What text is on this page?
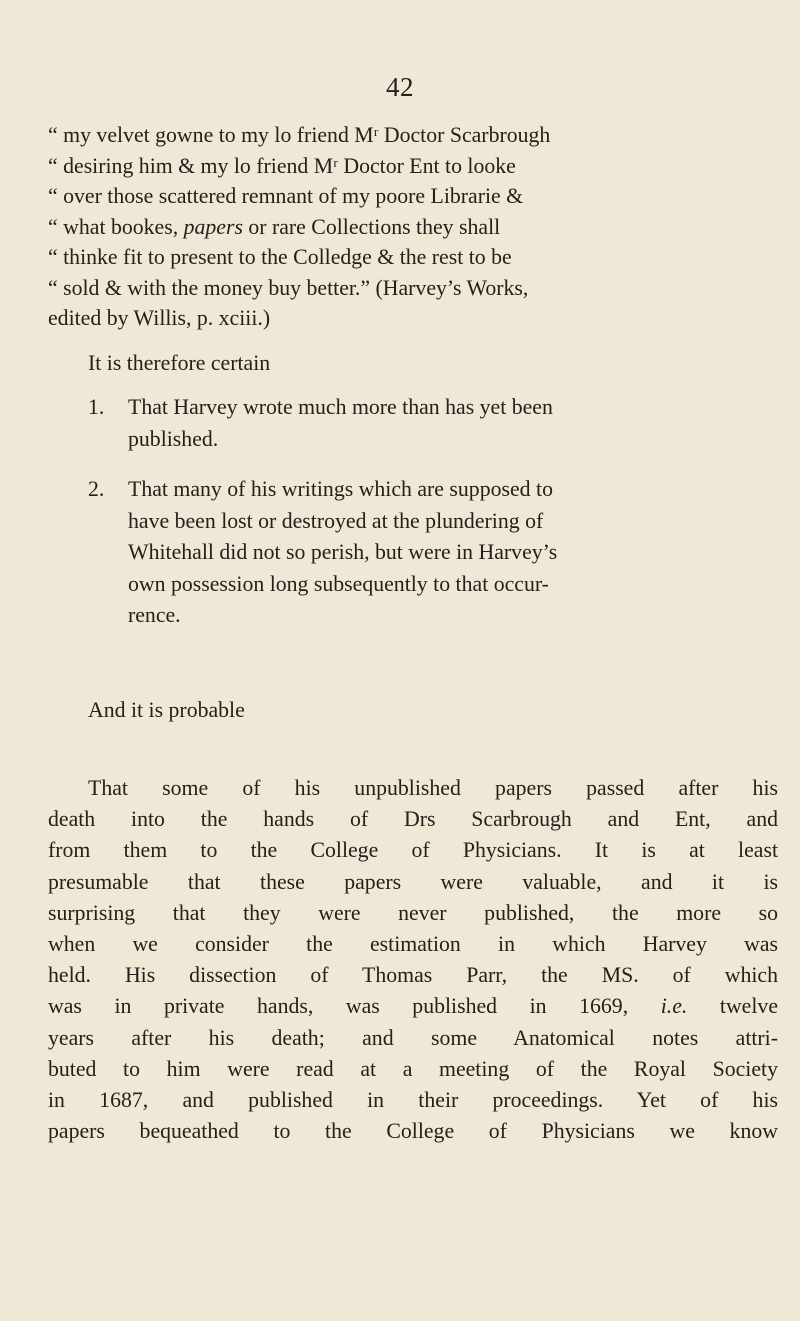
42
“ my velvet gowne to my lo friend Mʳ Doctor Scarbrough
“ desiring him & my lo friend Mʳ Doctor Ent to looke
“ over those scattered remnant of my poore Librarie &
“ what bookes, papers or rare Collections they shall
“ thinke fit to present to the Colledge & the rest to be
“ sold & with the money buy better.” (Harvey’s Works,
edited by Willis, p. xciii.)
It is therefore certain
1. That Harvey wrote much more than has yet been
published.
2. That many of his writings which are supposed to
have been lost or destroyed at the plundering of
Whitehall did not so perish, but were in Harvey’s
own possession long subsequently to that occur-
rence.
And it is probable
That some of his unpublished papers passed after his
death into the hands of Drs Scarbrough and Ent, and
from them to the College of Physicians. It is at least
presumable that these papers were valuable, and it is
surprising that they were never published, the more so
when we consider the estimation in which Harvey was
held. His dissection of Thomas Parr, the MS. of which
was in private hands, was published in 1669, i.e. twelve
years after his death; and some Anatomical notes attri-
buted to him were read at a meeting of the Royal Society
in 1687, and published in their proceedings. Yet of his
papers bequeathed to the College of Physicians we know
